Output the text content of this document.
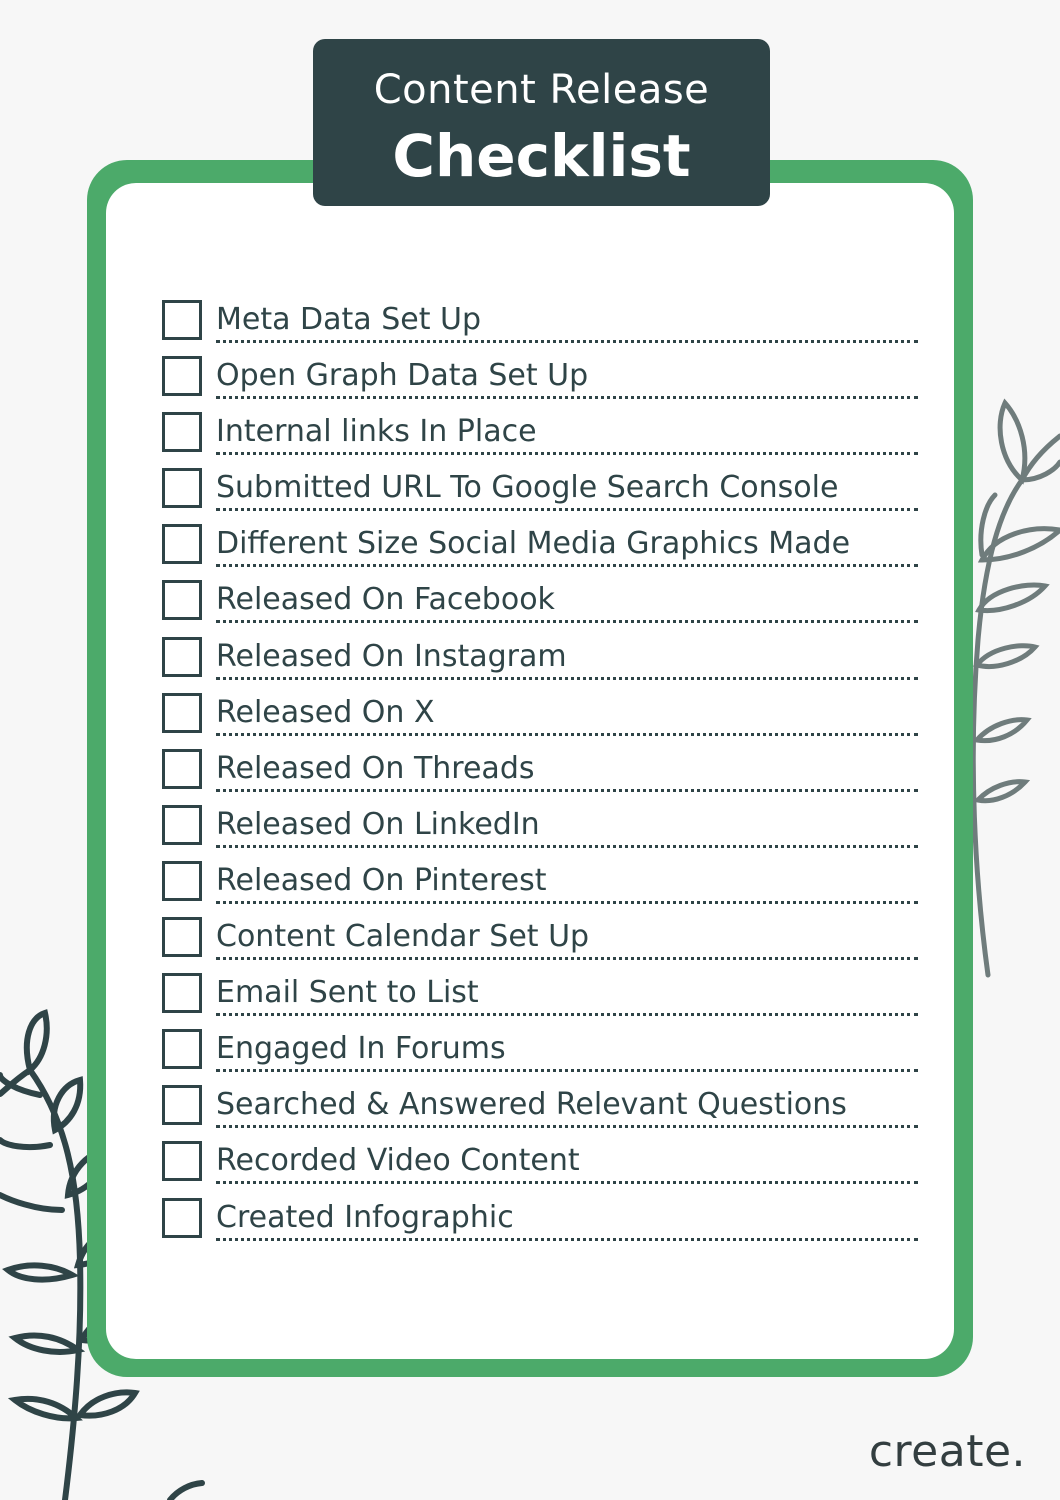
Content Release
Checklist
Meta Data Set Up
Open Graph Data Set Up
Internal links In Place
Submitted URL To Google Search Console
Different Size Social Media Graphics Made
Released On Facebook
Released On Instagram
Released On X
Released On Threads
Released On LinkedIn
Released On Pinterest
Content Calendar Set Up
Email Sent to List
Engaged In Forums
Searched & Answered Relevant Questions
Recorded Video Content
Created Infographic
create.
